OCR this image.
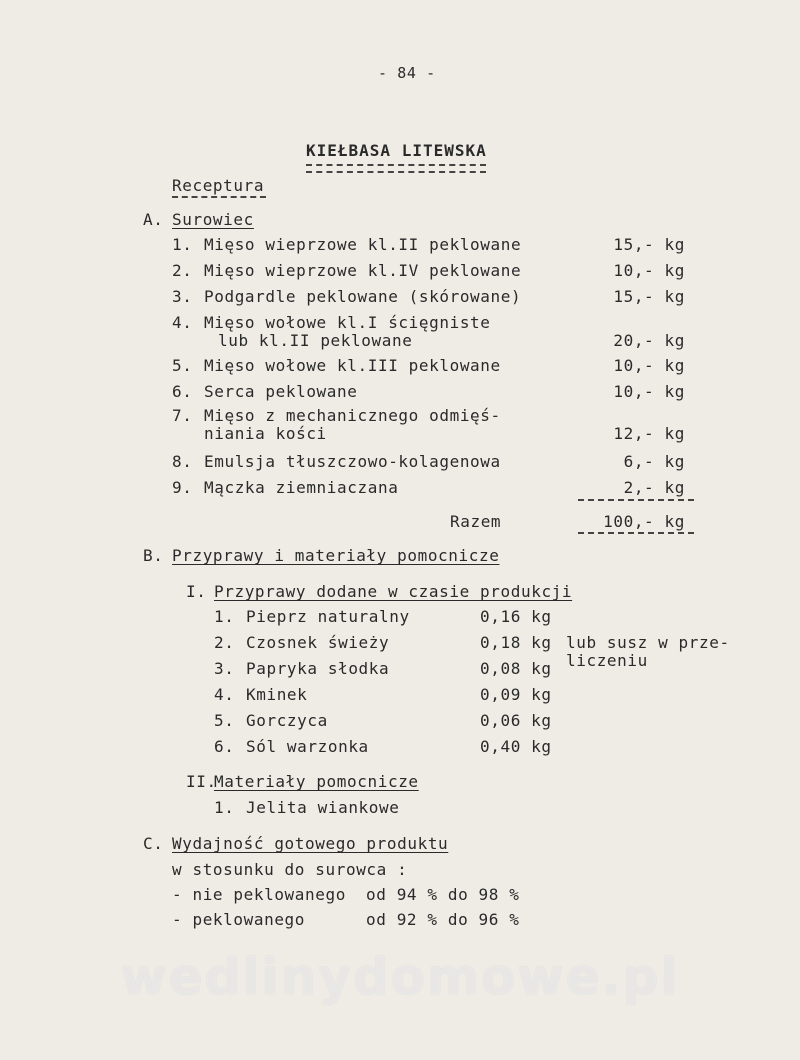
- 84 -
KIEŁBASA LITEWSKA
Receptura
A. Surowiec
1. Mięso wieprzowe kl.II peklowane	15,- kg
2. Mięso wieprzowe kl.IV peklowane	10,- kg
3. Podgardle peklowane (skórowane)	15,- kg
4. Mięso wołowe kl.I ścięgniste
lub kl.II peklowane	20,- kg
5. Mięso wołowe kl.III peklowane	10,- kg
6. Serca peklowane	10,- kg
7. Mięso z mechanicznego odmięś-
niania kości	12,- kg
8. Emulsja tłuszczowo-kolagenowa	6,- kg
9. Mączka ziemniaczana	2,- kg
Razem	100,- kg
B. Przyprawy i materiały pomocnicze
I. Przyprawy dodane w czasie produkcji
1. Pieprz naturalny	0,16 kg
2. Czosnek świeży	0,18 kg
3. Papryka słodka	0,08 kg
4. Kminek	0,09 kg
5. Gorczyca	0,06 kg
6. Sól warzonka	0,40 kg
lub susz w prze-
liczeniu
II.
Materiały pomocnicze
1. Jelita wiankowe
C. Wydajność gotowego produktu
w stosunku do surowca :
- nie peklowanego od 94 % do 98 %
- peklowanego	od 92 % do 96 %
wedlinydomowe.pl
